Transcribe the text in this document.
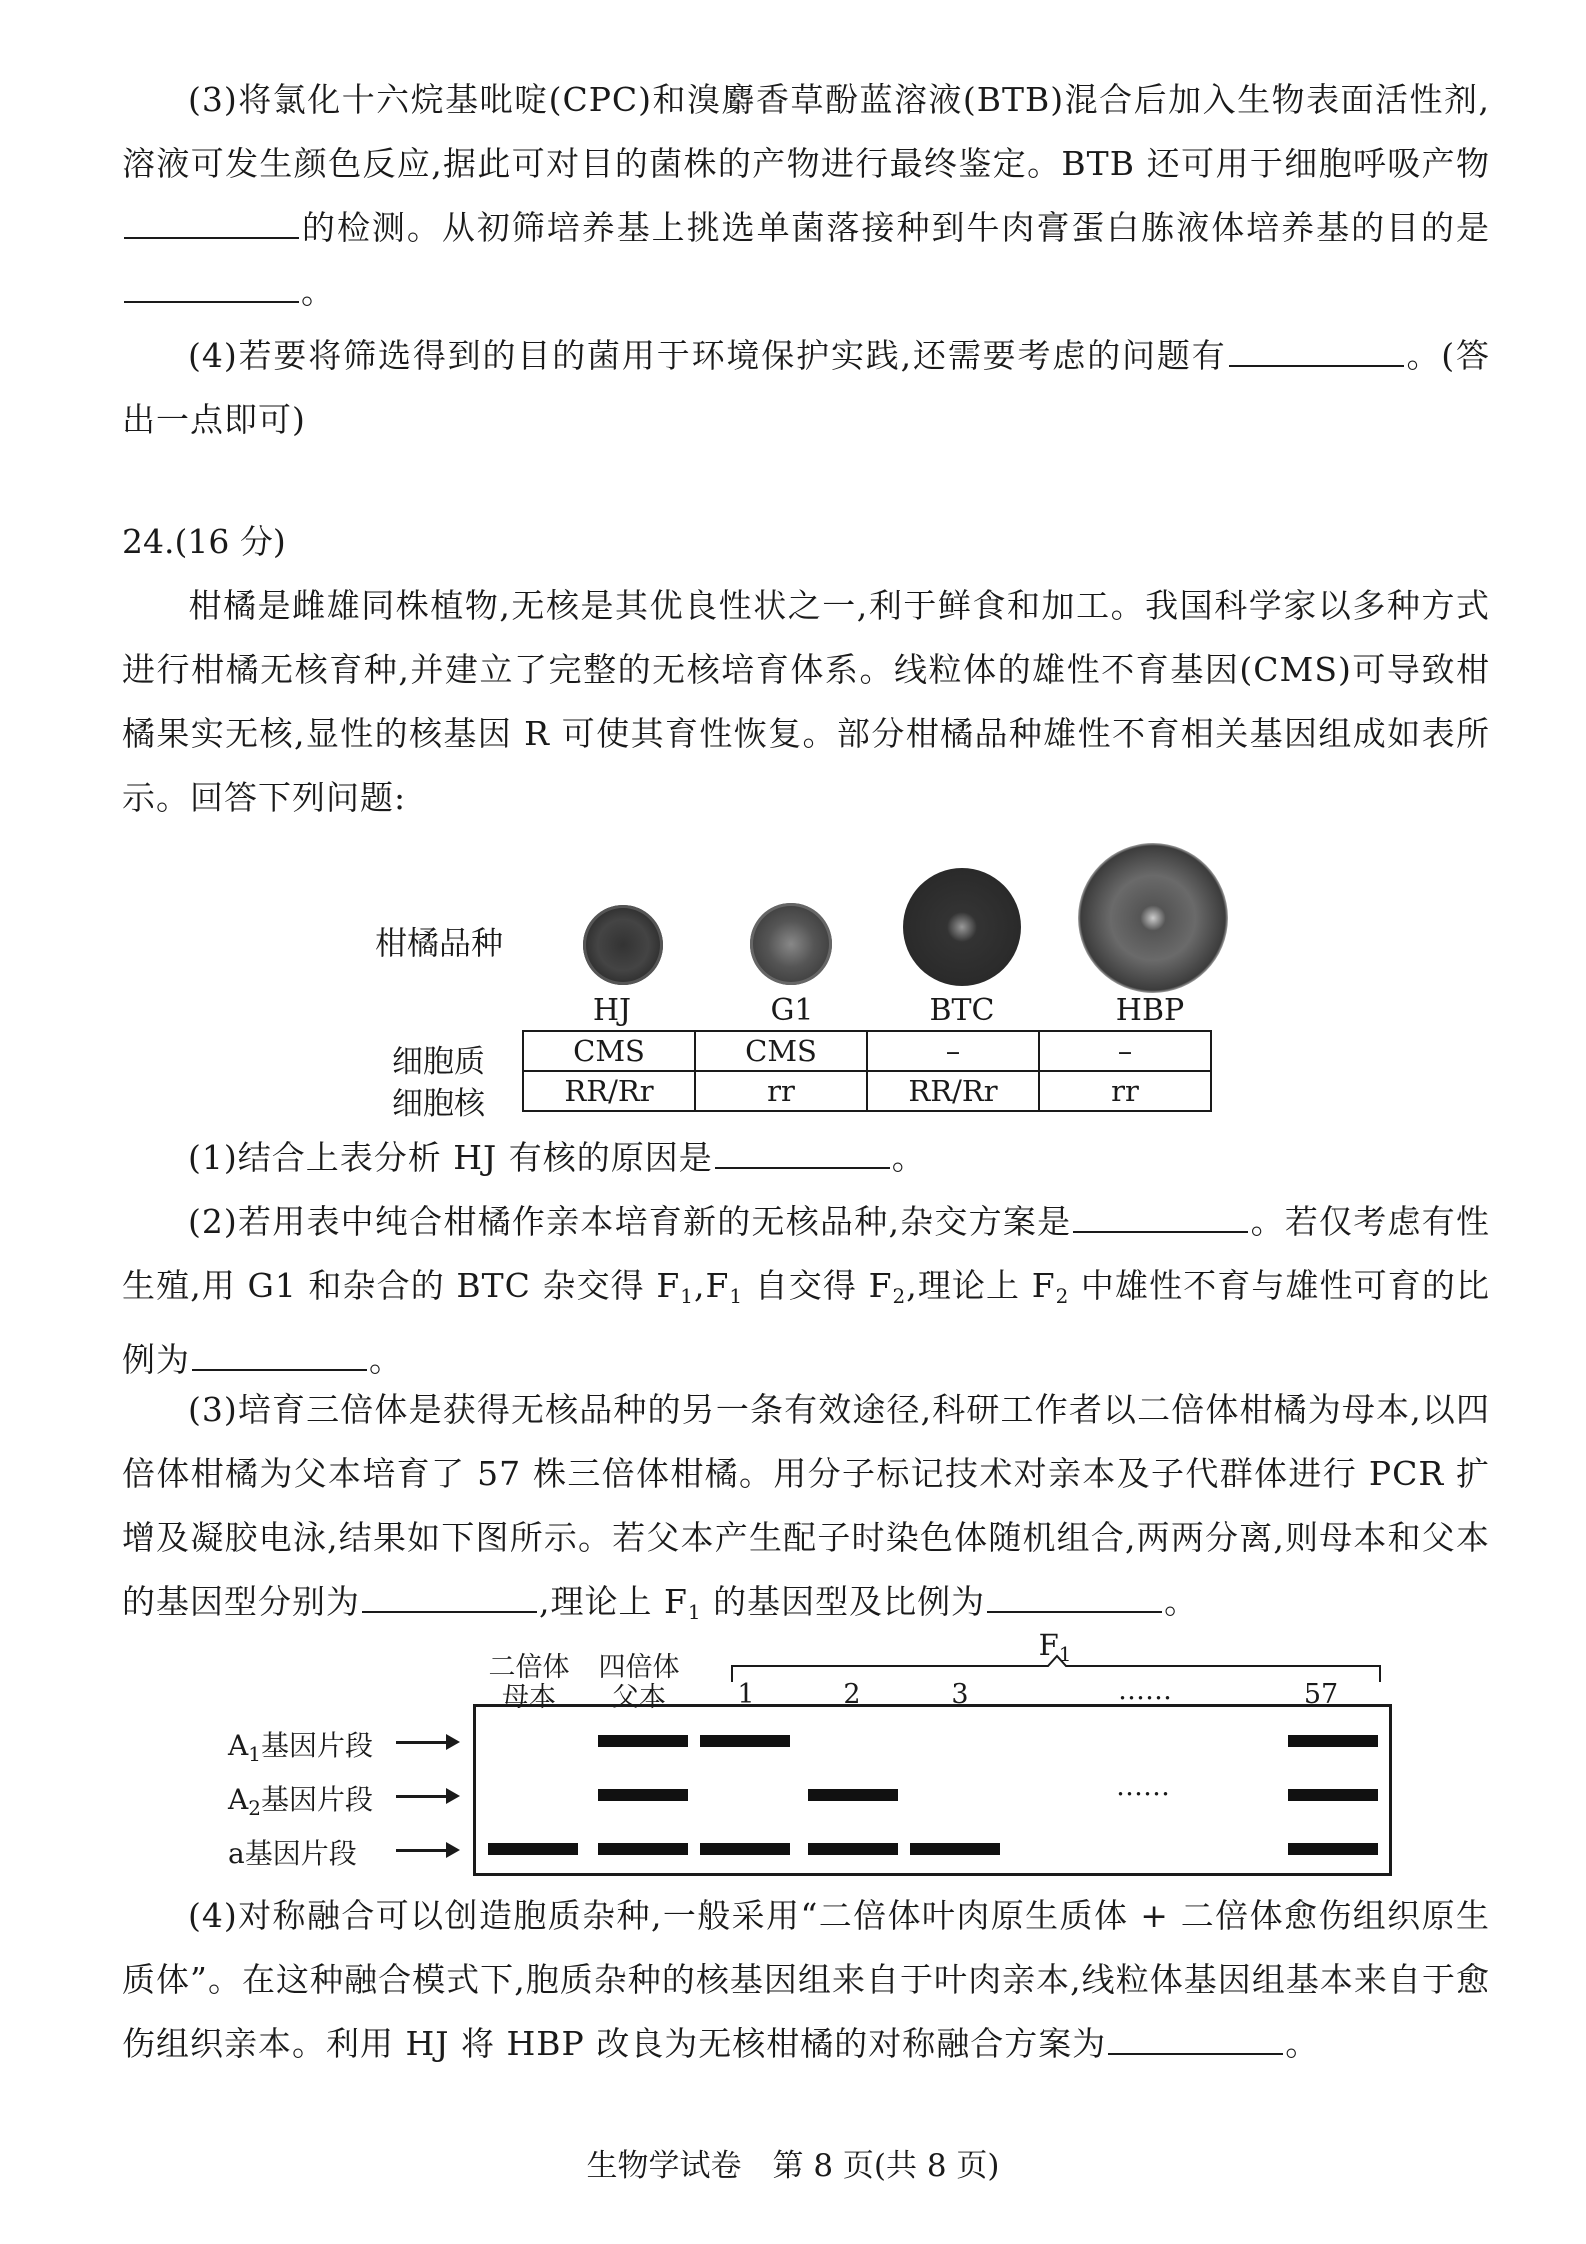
(3)将氯化十六烷基吡啶(CPC)和溴麝香草酚蓝溶液(BTB)混合后加入生物表面活性剂,溶液可发生颜色反应,据此可对目的菌株的产物进行最终鉴定。BTB 还可用于细胞呼吸产物的检测。从初筛培养基上挑选单菌落接种到牛肉膏蛋白胨液体培养基的目的是。
(4)若要将筛选得到的目的菌用于环境保护实践,还需要考虑的问题有	。(答出一点即可)
24.(16 分)
柑橘是雌雄同株植物,无核是其优良性状之一,利于鲜食和加工。我国科学家以多种方式进行柑橘无核育种,并建立了完整的无核培育体系。线粒体的雄性不育基因(CMS)可导致柑橘果实无核,显性的核基因 R 可使其育性恢复。部分柑橘品种雄性不育相关基因组成如表所示。回答下列问题:
柑橘品种
HJ	G1	BTC	HBP
细胞质
细胞核
CMS	CMS	–	–
RR/Rr	rr	RR/Rr	rr
(1)结合上表分析 HJ 有核的原因是	。
(2)若用表中纯合柑橘作亲本培育新的无核品种,杂交方案是	。若仅考虑有性生殖,用 G1 和杂合的 BTC 杂交得 $F_1,F_1$ 自交得 $F_2$,理论上 $F_2$ 中雄性不育与雄性可育的比例为	。
(3)培育三倍体是获得无核品种的另一条有效途径,科研工作者以二倍体柑橘为母本,以四倍体柑橘为父本培育了 57 株三倍体柑橘。用分子标记技术对亲本及子代群体进行 PCR 扩增及凝胶电泳,结果如下图所示。若父本产生配子时染色体随机组合,两两分离,则母本和父本的基因型分别为	,理论上 $F_1$ 的基因型及比例为	。
二倍体
母本
四倍体
父本
$F_1$
1	2	3	……	57
$A_1$基因片段
$A_2$基因片段
a基因片段
……
(4)对称融合可以创造胞质杂种,一般采用“二倍体叶肉原生质体 + 二倍体愈伤组织原生质体”。在这种融合模式下,胞质杂种的核基因组来自于叶肉亲本,线粒体基因组基本来自于愈伤组织亲本。利用 HJ 将 HBP 改良为无核柑橘的对称融合方案为	。
生物学试卷　第 8 页(共 8 页)
